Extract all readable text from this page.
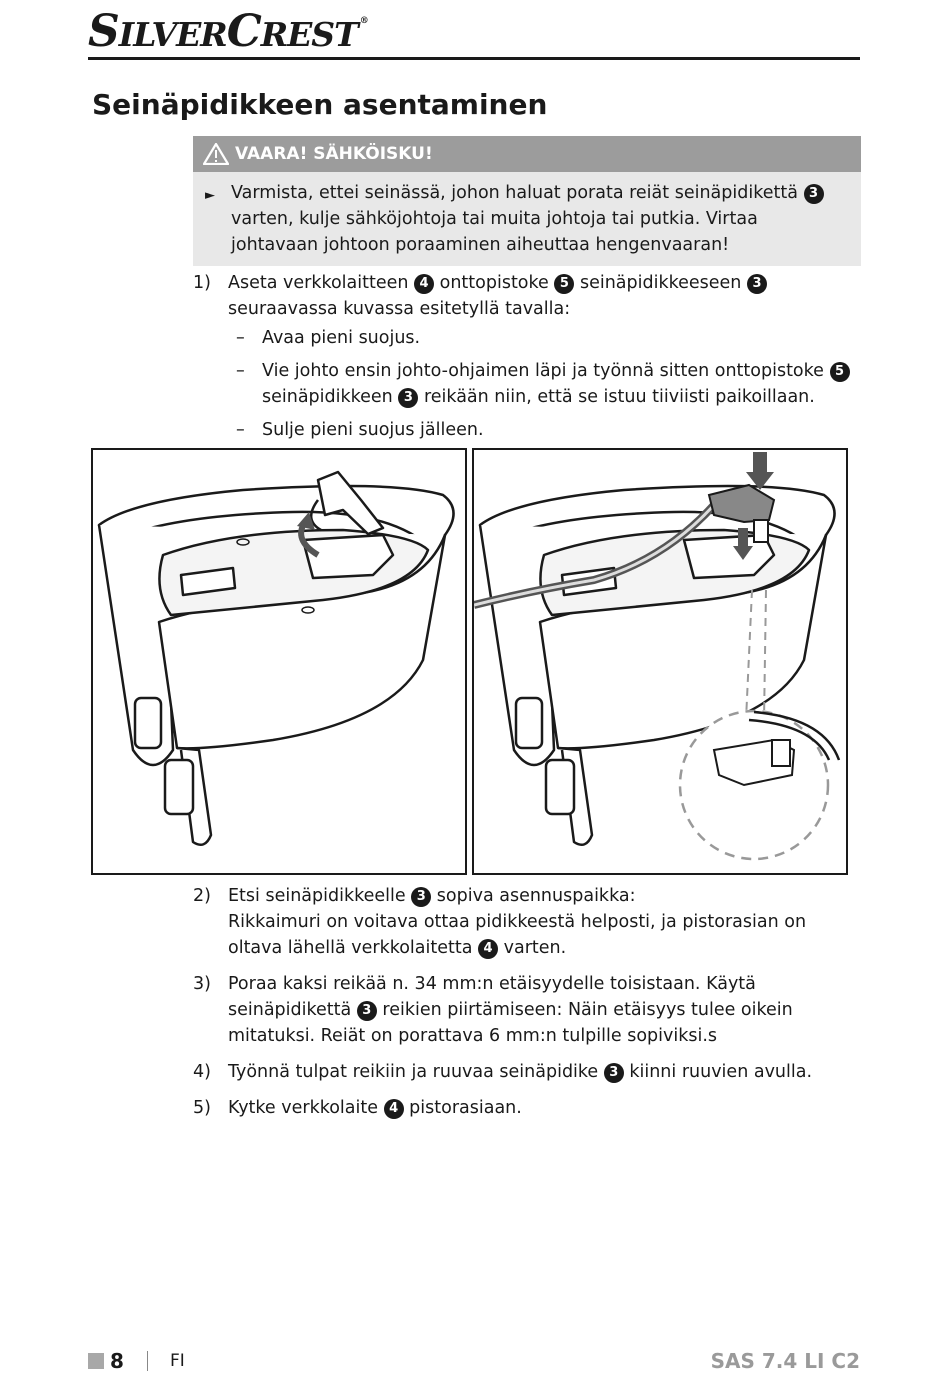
SILVERCREST ®
Seinäpidikkeen asentaminen
VAARA! SÄHKÖISKU!
► Varmista, ettei seinässä, johon haluat porata reiät seinäpidikettä 3 varten, kulje sähköjohtoja tai muita johtoja tai putkia. Virtaa johtavaan johtoon poraaminen aiheuttaa hengenvaaran!
1) Aseta verkkolaitteen 4 onttopistoke 5 seinäpidikkeeseen 3 seuraavassa kuvassa esitetyllä tavalla:
– Avaa pieni suojus.
– Vie johto ensin johto-ohjaimen läpi ja työnnä sitten onttopistoke 5 seinäpidikkeen 3 reikään niin, että se istuu tiiviisti paikoillaan.
– Sulje pieni suojus jälleen.
2) Etsi seinäpidikkeelle 3 sopiva asennuspaikka:
Rikkaimuri on voitava ottaa pidikkeestä helposti, ja pistorasian on oltava lähellä verkkolaitetta 4 varten.
3) Poraa kaksi reikää n. 34 mm:n etäisyydelle toisistaan. Käytä seinäpidikettä 3 reikien piirtämiseen: Näin etäisyys tulee oikein mitatuksi. Reiät on porattava 6 mm:n tulpille sopiviksi.s
4) Työnnä tulpat reikiin ja ruuvaa seinäpidike 3 kiinni ruuvien avulla.
5) Kytke verkkolaite 4 pistorasiaan.
8	FI	SAS 7.4 LI C2
